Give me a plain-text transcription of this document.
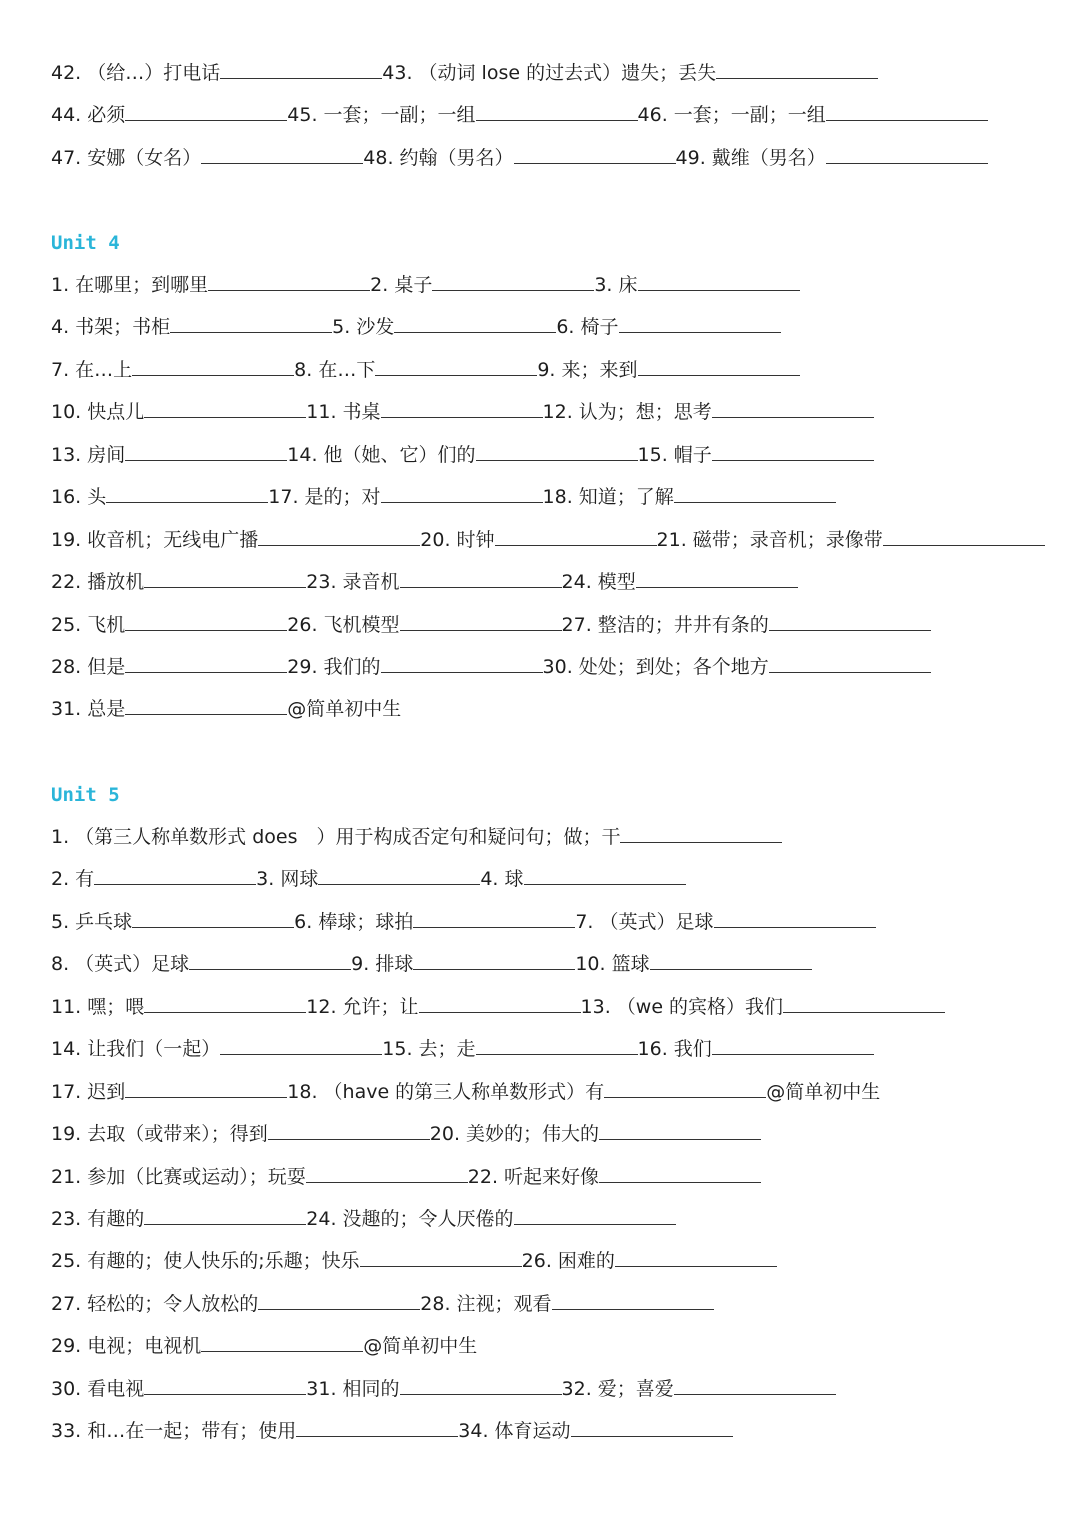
42. （给…）打电话	43. （动词 lose 的过去式）遗失；丢失
44. 必须	45. 一套；一副；一组	46. 一套；一副；一组
47. 安娜（女名）	48. 约翰（男名）	49. 戴维（男名）
Unit 4
1. 在哪里；到哪里	2. 桌子	3. 床
4. 书架；书柜	5. 沙发	6. 椅子
7. 在…上	8. 在…下	9. 来；来到
10. 快点儿	11. 书桌	12. 认为；想；思考
13. 房间	14. 他（她、它）们的	15. 帽子
16. 头	17. 是的；对	18. 知道；了解
19. 收音机；无线电广播	20. 时钟	21. 磁带；录音机；录像带
22. 播放机	23. 录音机	24. 模型
25. 飞机	26. 飞机模型	27. 整洁的；井井有条的
28. 但是	29. 我们的	30. 处处；到处；各个地方
31. 总是	@简单初中生
Unit 5
1. （第三人称单数形式 does　）用于构成否定句和疑问句；做；干
2. 有	3. 网球	4. 球
5. 乒乓球	6. 棒球；球拍	7. （英式）足球
8. （英式）足球	9. 排球	10. 篮球
11. 嘿；喂	12. 允许；让	13. （we 的宾格）我们
14. 让我们（一起）	15. 去；走	16. 我们
17. 迟到	18. （have 的第三人称单数形式）有	@简单初中生
19. 去取（或带来）；得到	20. 美妙的；伟大的
21. 参加（比赛或运动）；玩耍	22. 听起来好像
23. 有趣的	24. 没趣的；令人厌倦的
25. 有趣的；使人快乐的;乐趣；快乐	26. 困难的
27. 轻松的；令人放松的	28. 注视；观看
29. 电视；电视机	@简单初中生
30. 看电视	31. 相同的	32. 爱；喜爱
33. 和…在一起；带有；使用	34. 体育运动
